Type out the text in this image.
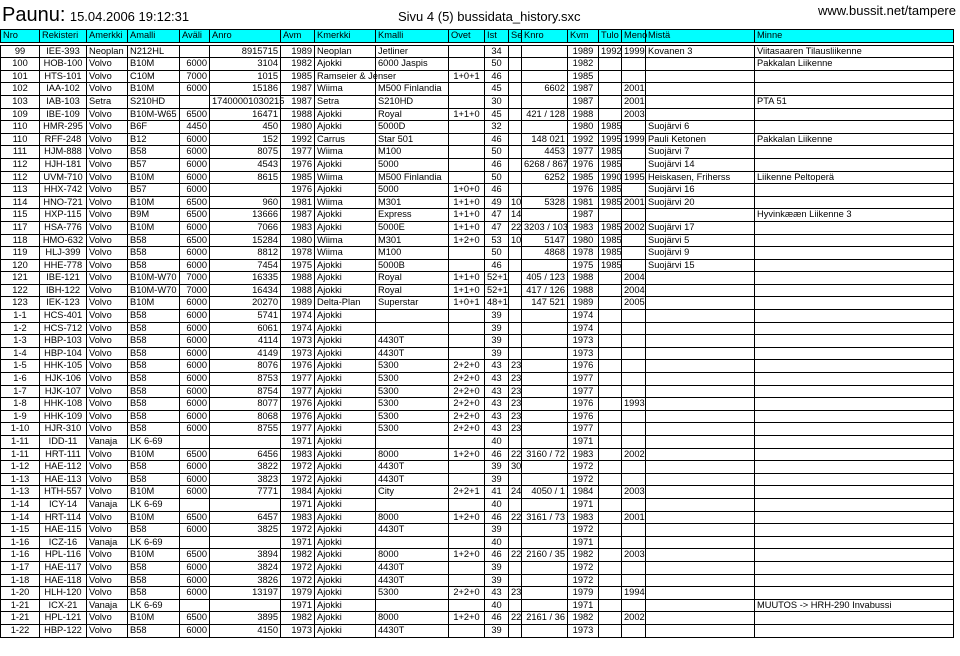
Paunu: 15.04.2006 19:12:31	Sivu 4 (5) bussidata_history.sxc	www.bussit.net/tampere
Nro	Rekisteri	Amerkki	Amalli	Aväli	Anro	Avm	Kmerkki	Kmalli	Ovet	Ist	Se	Knro	Kvm	Tulo	Meno	Mistä	Minne

99	IEE-393	Neoplan	N212HL		8915715	1989	Neoplan	Jetliner		34			1989	1992	1999	Kovanen 3	Viitasaaren Tilausliikenne
100	HOB-100	Volvo	B10M	6000	3104	1982	Ajokki	6000 Jaspis		50			1982				Pakkalan Liikenne
101	HTS-101	Volvo	C10M	7000	1015	1985	Ramseier & Jenser		1+0+1	46			1985				
102	IAA-102	Volvo	B10M	6000	15186	1987	Wiima	M500 Finlandia		45		6602	1987		2001		
103	IAB-103	Setra	S210HD		17400001030215	1987	Setra	S210HD		30			1987		2001		PTA 51
109	IBE-109	Volvo	B10M-W65	6500	16471	1988	Ajokki	Royal	1+1+0	45		421 / 128	1988		2003		
110	HMR-295	Volvo	B6F	4450	450	1980	Ajokki	5000D		32			1980	1985		Suojärvi 6	
110	RFF-248	Volvo	B12	6000	152	1992	Carrus	Star 501		46		148 021	1992	1995	1999	Pauli Ketonen	Pakkalan Liikenne
111	HJM-888	Volvo	B58	6000	8075	1977	Wiima	M100		50		4453	1977	1985		Suojärvi 7	
112	HJH-181	Volvo	B57	6000	4543	1976	Ajokki	5000		46		6268 / 867	1976	1985		Suojärvi 14	
112	UVM-710	Volvo	B10M	6000	8615	1985	Wiima	M500 Finlandia		50		6252	1985	1990	1995	Heiskasen, Friherss	Liikenne Peltoperä
113	HHX-742	Volvo	B57	6000		1976	Ajokki	5000	1+0+0	46			1976	1985		Suojärvi 16	
114	HNO-721	Volvo	B10M	6500	960	1981	Wiima	M301	1+1+0	49	10	5328	1981	1985	2001	Suojärvi 20	
115	HXP-115	Volvo	B9M	6500	13666	1987	Ajokki	Express	1+1+0	47	14		1987				Hyvinkææn Liikenne 3
117	HSA-776	Volvo	B10M	6000	7066	1983	Ajokki	5000E	1+1+0	47	22	3203 / 103	1983	1985	2002	Suojärvi 17	
118	HMO-632	Volvo	B58	6500	15284	1980	Wiima	M301	1+2+0	53	10	5147	1980	1985		Suojärvi 5	
119	HLJ-399	Volvo	B58	6000	8812	1978	Wiima	M100		50		4868	1978	1985		Suojärvi 9	
120	HHE-778	Volvo	B58	6000	7454	1975	Ajokki	5000B		46			1975	1985		Suojärvi 15	
121	IBE-121	Volvo	B10M-W70	7000	16335	1988	Ajokki	Royal	1+1+0	52+1		405 / 123	1988		2004		
122	IBH-122	Volvo	B10M-W70	7000	16434	1988	Ajokki	Royal	1+1+0	52+1		417 / 126	1988		2004		
123	IEK-123	Volvo	B10M	6000	20270	1989	Delta-Plan	Superstar	1+0+1	48+1		147 521	1989		2005		
1-1	HCS-401	Volvo	B58	6000	5741	1974	Ajokki			39			1974				
1-2	HCS-712	Volvo	B58	6000	6061	1974	Ajokki			39			1974				
1-3	HBP-103	Volvo	B58	6000	4114	1973	Ajokki	4430T		39			1973				
1-4	HBP-104	Volvo	B58	6000	4149	1973	Ajokki	4430T		39			1973				
1-5	HHK-105	Volvo	B58	6000	8076	1976	Ajokki	5300	2+2+0	43	23		1976				
1-6	HJK-106	Volvo	B58	6000	8753	1977	Ajokki	5300	2+2+0	43	23		1977				
1-7	HJK-107	Volvo	B58	6000	8754	1977	Ajokki	5300	2+2+0	43	23		1977				
1-8	HHK-108	Volvo	B58	6000	8077	1976	Ajokki	5300	2+2+0	43	23		1976		1993		
1-9	HHK-109	Volvo	B58	6000	8068	1976	Ajokki	5300	2+2+0	43	23		1976				
1-10	HJR-310	Volvo	B58	6000	8755	1977	Ajokki	5300	2+2+0	43	23		1977				
1-11	IDD-11	Vanaja	LK 6-69			1971	Ajokki			40			1971				
1-11	HRT-111	Volvo	B10M	6500	6456	1983	Ajokki	8000	1+2+0	46	22	3160 / 72	1983		2002		
1-12	HAE-112	Volvo	B58	6000	3822	1972	Ajokki	4430T		39	30		1972				
1-13	HAE-113	Volvo	B58	6000	3823	1972	Ajokki	4430T		39			1972				
1-13	HTH-557	Volvo	B10M	6000	7771	1984	Ajokki	City	2+2+1	41	24	4050 / 1	1984		2003		
1-14	ICY-14	Vanaja	LK 6-69			1971	Ajokki			40			1971				
1-14	HRT-114	Volvo	B10M	6500	6457	1983	Ajokki	8000	1+2+0	46	22	3161 / 73	1983		2001		
1-15	HAE-115	Volvo	B58	6000	3825	1972	Ajokki	4430T		39			1972				
1-16	ICZ-16	Vanaja	LK 6-69			1971	Ajokki			40			1971				
1-16	HPL-116	Volvo	B10M	6500	3894	1982	Ajokki	8000	1+2+0	46	22	2160 / 35	1982		2003		
1-17	HAE-117	Volvo	B58	6000	3824	1972	Ajokki	4430T		39			1972				
1-18	HAE-118	Volvo	B58	6000	3826	1972	Ajokki	4430T		39			1972				
1-20	HLH-120	Volvo	B58	6000	13197	1979	Ajokki	5300	2+2+0	43	23		1979		1994		
1-21	ICX-21	Vanaja	LK 6-69			1971	Ajokki			40			1971				MUUTOS -> HRH-290 Invabussi
1-21	HPL-121	Volvo	B10M	6500	3895	1982	Ajokki	8000	1+2+0	46	22	2161 / 36	1982		2002		
1-22	HBP-122	Volvo	B58	6000	4150	1973	Ajokki	4430T		39			1973				
